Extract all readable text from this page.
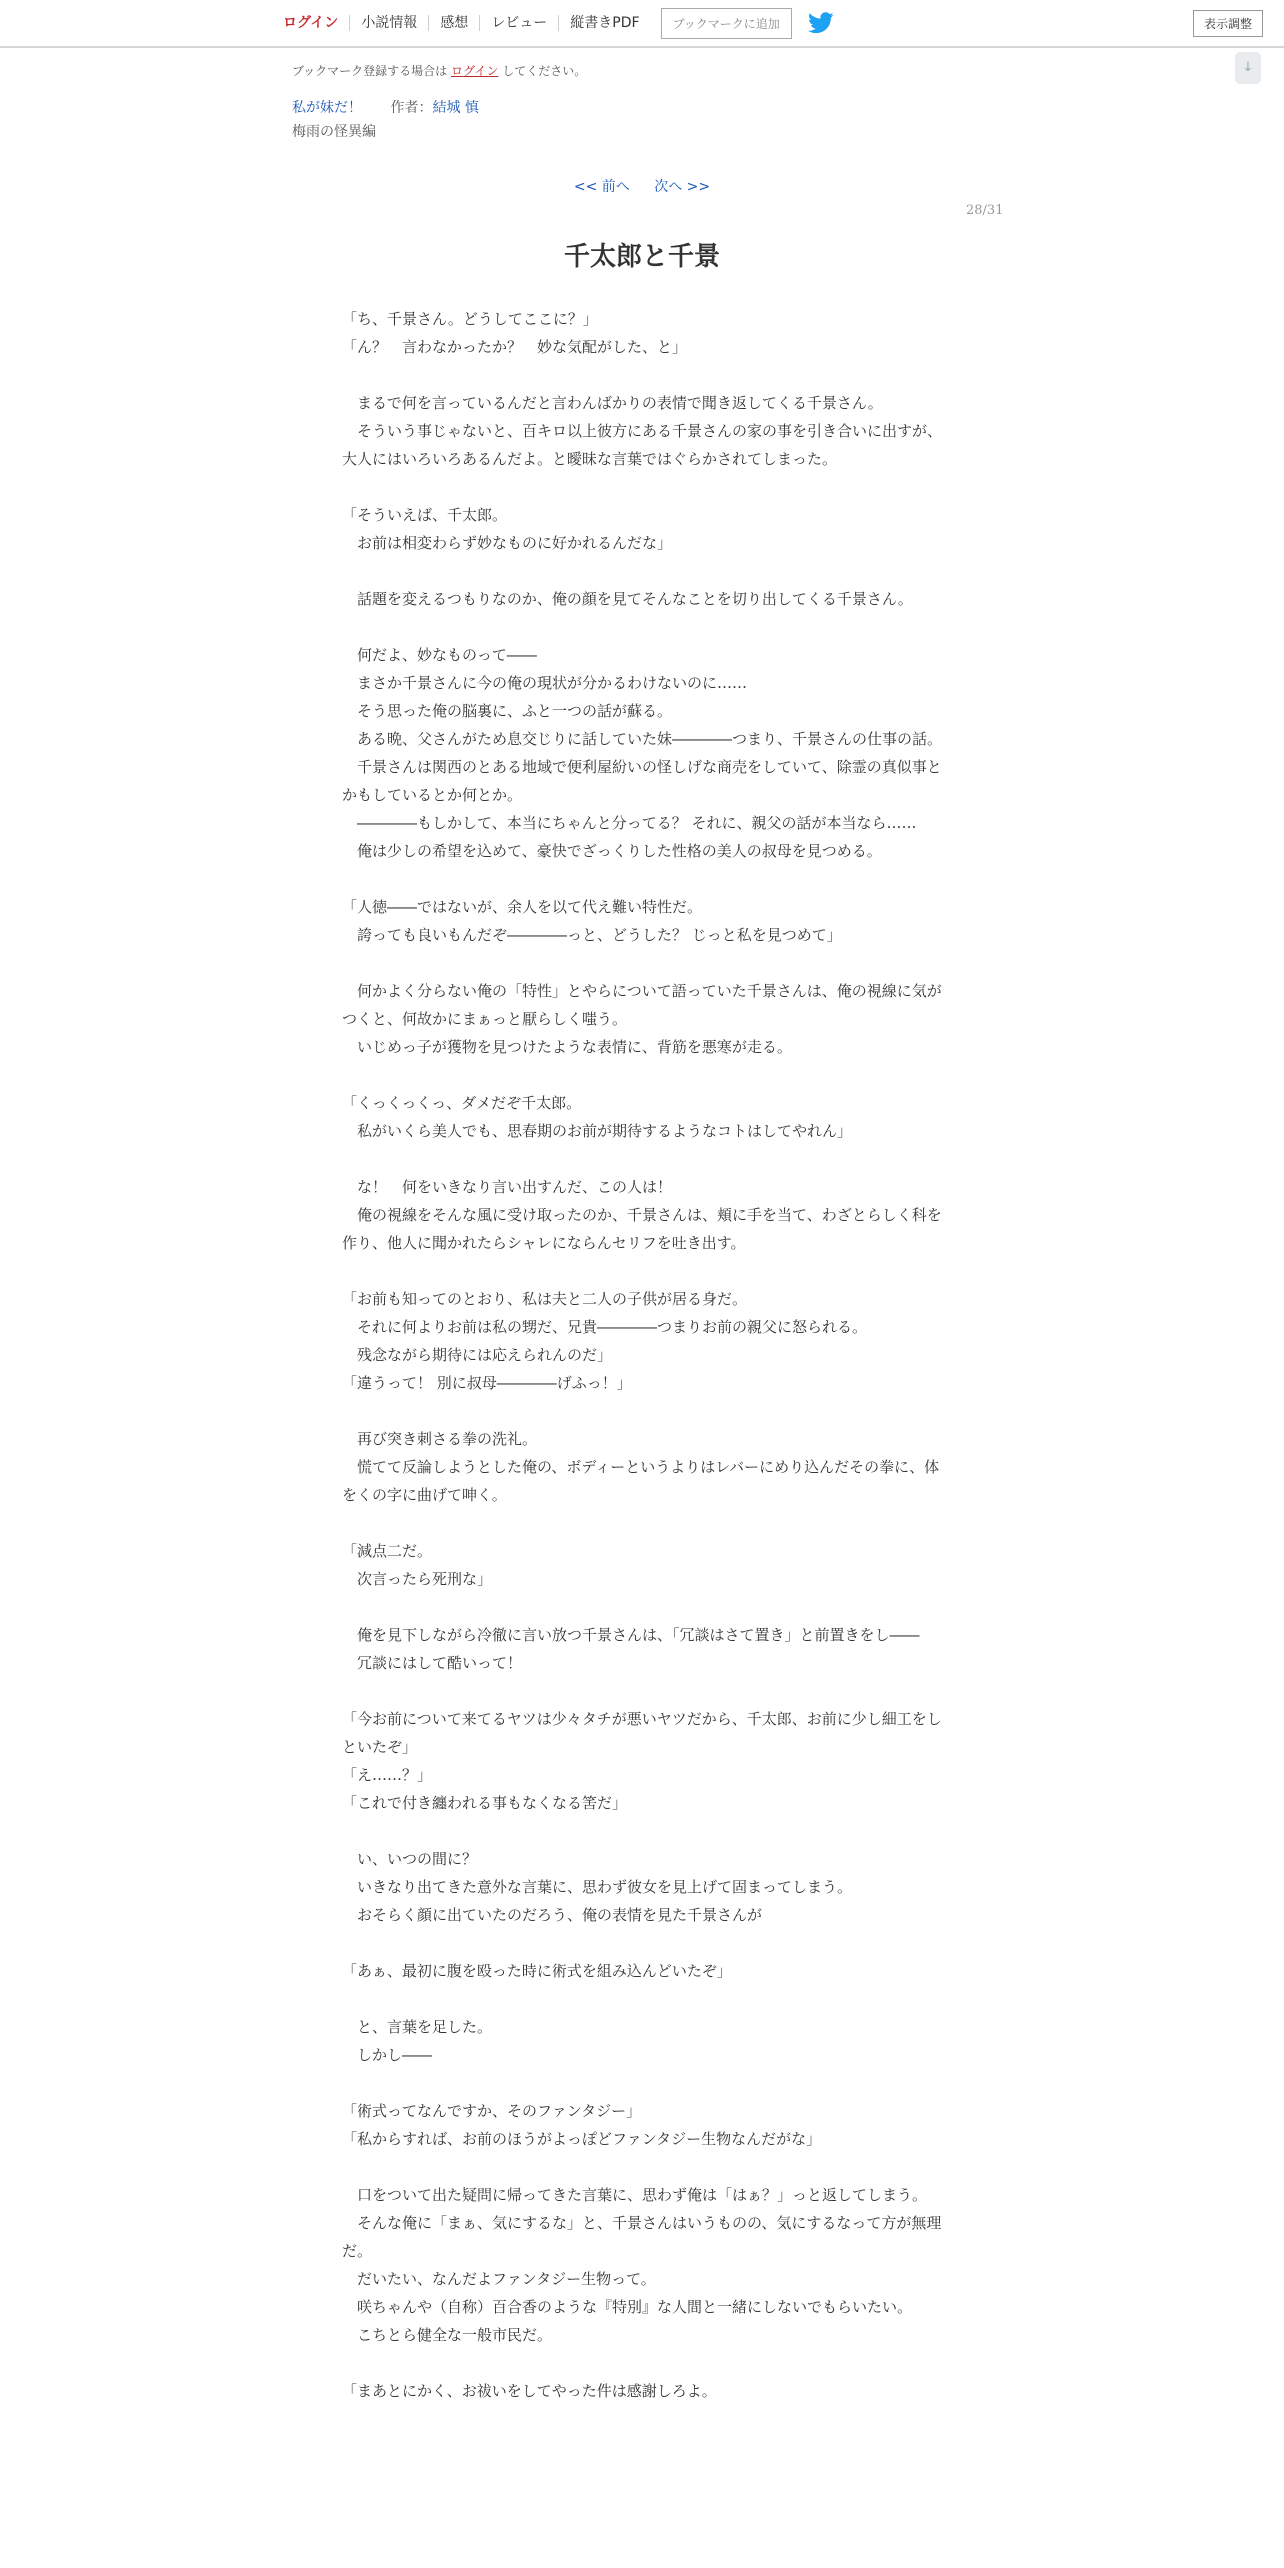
ログイン	小説情報	感想	レビュー	縦書きPDF	ブックマークに追加	表示調整
↓
ブックマーク登録する場合は ログイン してください。
私が妹だ！ 作者：結城 慎
梅雨の怪異編
<< 前へ 次へ >>
28/31
千太郎と千景

「ち、千景さん。どうしてここに？」

「ん？　言わなかったか？　妙な気配がした、と」

　まるで何を言っているんだと言わんばかりの表情で聞き返してくる千景さん。

　そういう事じゃないと、百キロ以上彼方にある千景さんの家の事を引き合いに出すが、大人にはいろいろあるんだよ。と曖昧な言葉ではぐらかされてしまった。

「そういえば、千太郎。

　お前は相変わらず妙なものに好かれるんだな」

　話題を変えるつもりなのか、俺の顔を見てそんなことを切り出してくる千景さん。

　何だよ、妙なものって――

　まさか千景さんに今の俺の現状が分かるわけないのに……

　そう思った俺の脳裏に、ふと一つの話が蘇る。

　ある晩、父さんがため息交じりに話していた妹――――つまり、千景さんの仕事の話。

　千景さんは関西のとある地域で便利屋紛いの怪しげな商売をしていて、除霊の真似事とかもしているとか何とか。

　――――もしかして、本当にちゃんと分ってる？ それに、親父の話が本当なら……

　俺は少しの希望を込めて、豪快でざっくりした性格の美人の叔母を見つめる。

「人徳――ではないが、余人を以て代え難い特性だ。

　誇っても良いもんだぞ――――っと、どうした？ じっと私を見つめて」

　何かよく分らない俺の「特性」とやらについて語っていた千景さんは、俺の視線に気がつくと、何故かにまぁっと厭らしく嗤う。

　いじめっ子が獲物を見つけたような表情に、背筋を悪寒が走る。

「くっくっくっ、ダメだぞ千太郎。

　私がいくら美人でも、思春期のお前が期待するようなコトはしてやれん」

　な！　何をいきなり言い出すんだ、この人は！

　俺の視線をそんな風に受け取ったのか、千景さんは、頬に手を当て、わざとらしく科を作り、他人に聞かれたらシャレにならんセリフを吐き出す。

「お前も知ってのとおり、私は夫と二人の子供が居る身だ。

　それに何よりお前は私の甥だ、兄貴――――つまりお前の親父に怒られる。

　残念ながら期待には応えられんのだ」

「違うって！ 別に叔母――――げふっ！」

　再び突き刺さる拳の洗礼。

　慌てて反論しようとした俺の、ボディーというよりはレバーにめり込んだその拳に、体をくの字に曲げて呻く。

「減点二だ。

　次言ったら死刑な」

　俺を見下しながら冷徹に言い放つ千景さんは、「冗談はさて置き」と前置きをし――

　冗談にはして酷いって！

「今お前について来てるヤツは少々タチが悪いヤツだから、千太郎、お前に少し細工をしといたぞ」

「え……？」

「これで付き纏われる事もなくなる筈だ」

　い、いつの間に？

　いきなり出てきた意外な言葉に、思わず彼女を見上げて固まってしまう。

　おそらく顔に出ていたのだろう、俺の表情を見た千景さんが

「あぁ、最初に腹を殴った時に術式を組み込んどいたぞ」

　と、言葉を足した。

　しかし――

「術式ってなんですか、そのファンタジー」

「私からすれば、お前のほうがよっぽどファンタジー生物なんだがな」

　口をついて出た疑問に帰ってきた言葉に、思わず俺は「はぁ？」っと返してしまう。

　そんな俺に「まぁ、気にするな」と、千景さんはいうものの、気にするなって方が無理だ。

　だいたい、なんだよファンタジー生物って。

　咲ちゃんや（自称）百合香のような『特別』な人間と一緒にしないでもらいたい。

　こちとら健全な一般市民だ。

「まあとにかく、お祓いをしてやった件は感謝しろよ。
